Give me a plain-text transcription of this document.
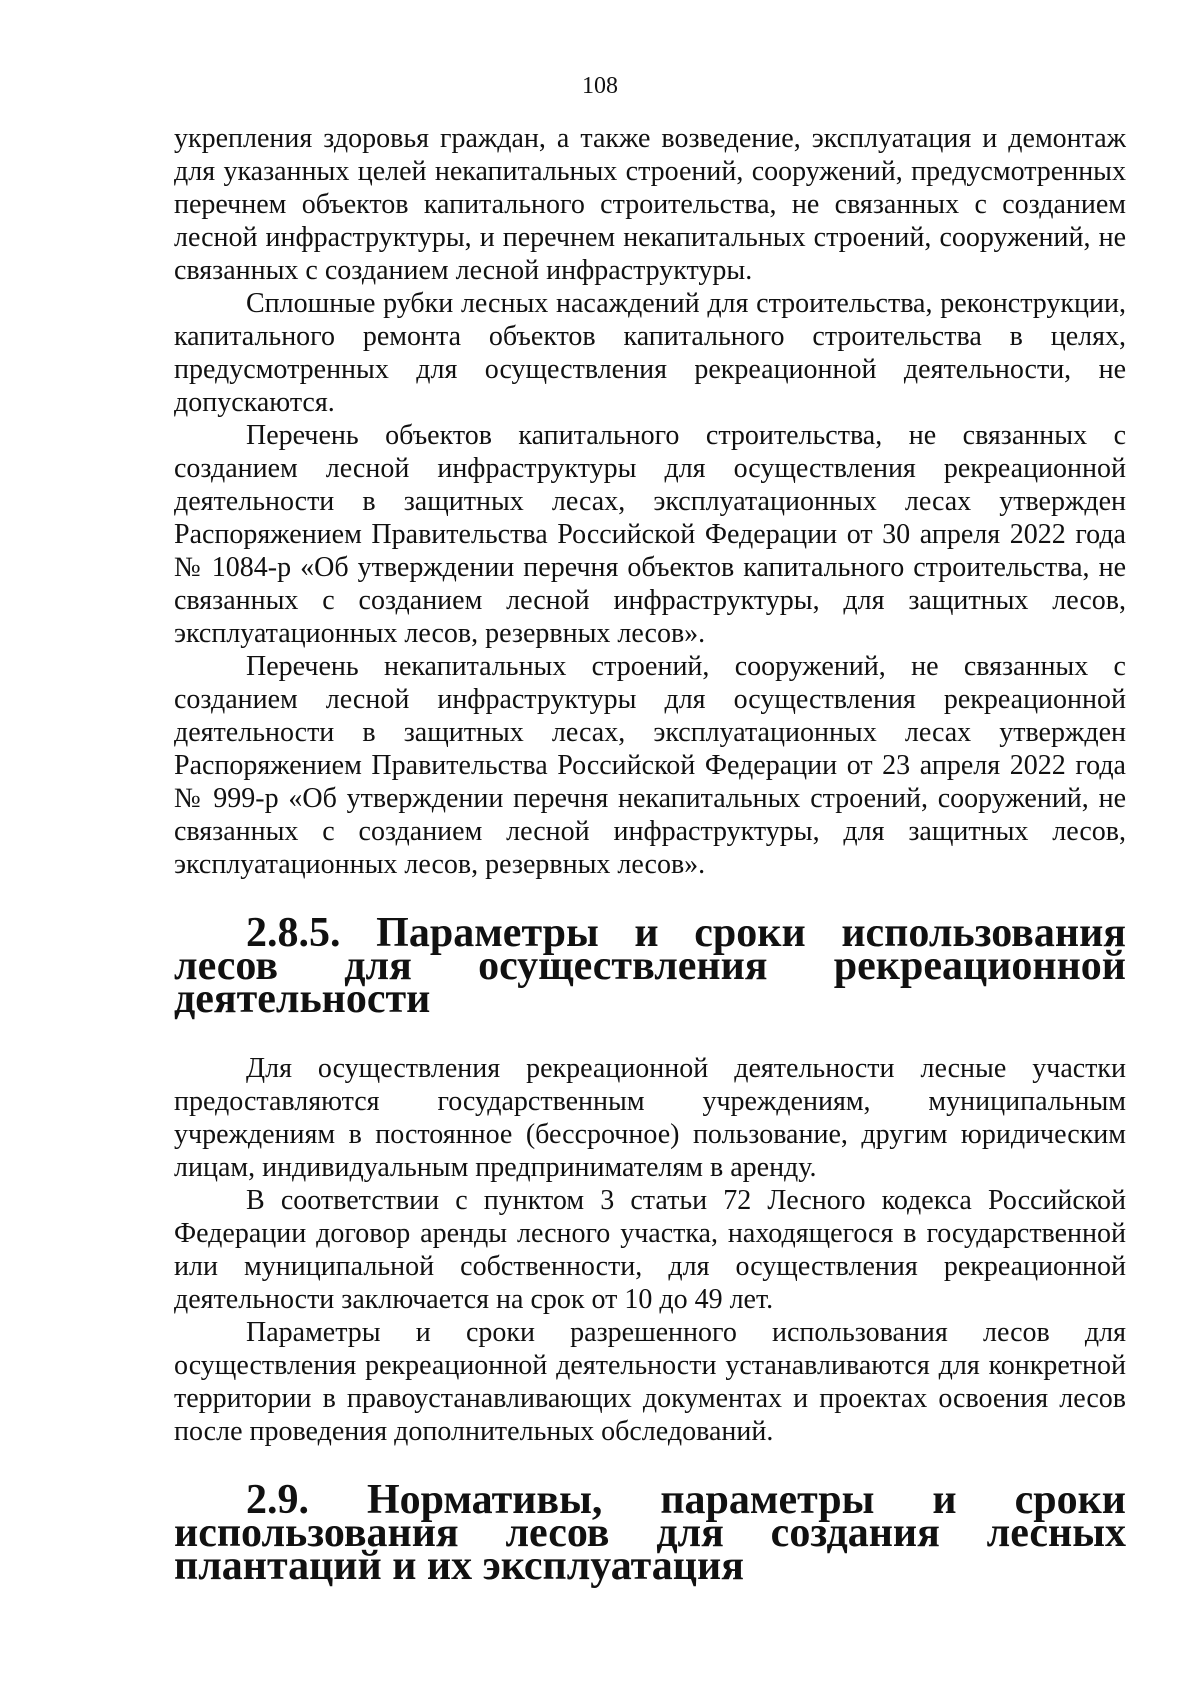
108

укрепления здоровья граждан, а также возведение, эксплуатация и демонтаж для указанных целей некапитальных строений, сооружений, предусмотренных перечнем объектов капитального строительства, не связанных с созданием лесной инфраструктуры, и перечнем некапитальных строений, сооружений, не связанных с созданием лесной инфраструктуры.

Сплошные рубки лесных насаждений для строительства, реконструкции, капитального ремонта объектов капитального строительства в целях, предусмотренных для осуществления рекреационной деятельности, не допускаются.

Перечень объектов капитального строительства, не связанных с созданием лесной инфраструктуры для осуществления рекреационной деятельности в защитных лесах, эксплуатационных лесах утвержден Распоряжением Правительства Российской Федерации от 30 апреля 2022 года № 1084-р «Об утверждении перечня объектов капитального строительства, не связанных с созданием лесной инфраструктуры, для защитных лесов, эксплуатационных лесов, резервных лесов».

Перечень некапитальных строений, сооружений, не связанных с созданием лесной инфраструктуры для осуществления рекреационной деятельности в защитных лесах, эксплуатационных лесах утвержден Распоряжением Правительства Российской Федерации от 23 апреля 2022 года № 999-р «Об утверждении перечня некапитальных строений, сооружений, не связанных с созданием лесной инфраструктуры, для защитных лесов, эксплуатационных лесов, резервных лесов».

2.8.5. Параметры и сроки использования лесов для осуществления рекреационной деятельности

Для осуществления рекреационной деятельности лесные участки предоставляются государственным учреждениям, муниципальным учреждениям в постоянное (бессрочное) пользование, другим юридическим лицам, индивидуальным предпринимателям в аренду.

В соответствии с пунктом 3 статьи 72 Лесного кодекса Российской Федерации договор аренды лесного участка, находящегося в государственной или муниципальной собственности, для осуществления рекреационной деятельности заключается на срок от 10 до 49 лет.

Параметры и сроки разрешенного использования лесов для осуществления рекреационной деятельности устанавливаются для конкретной территории в правоустанавливающих документах и проектах освоения лесов после проведения дополнительных обследований.

2.9. Нормативы, параметры и сроки использования лесов для создания лесных плантаций и их эксплуатация
